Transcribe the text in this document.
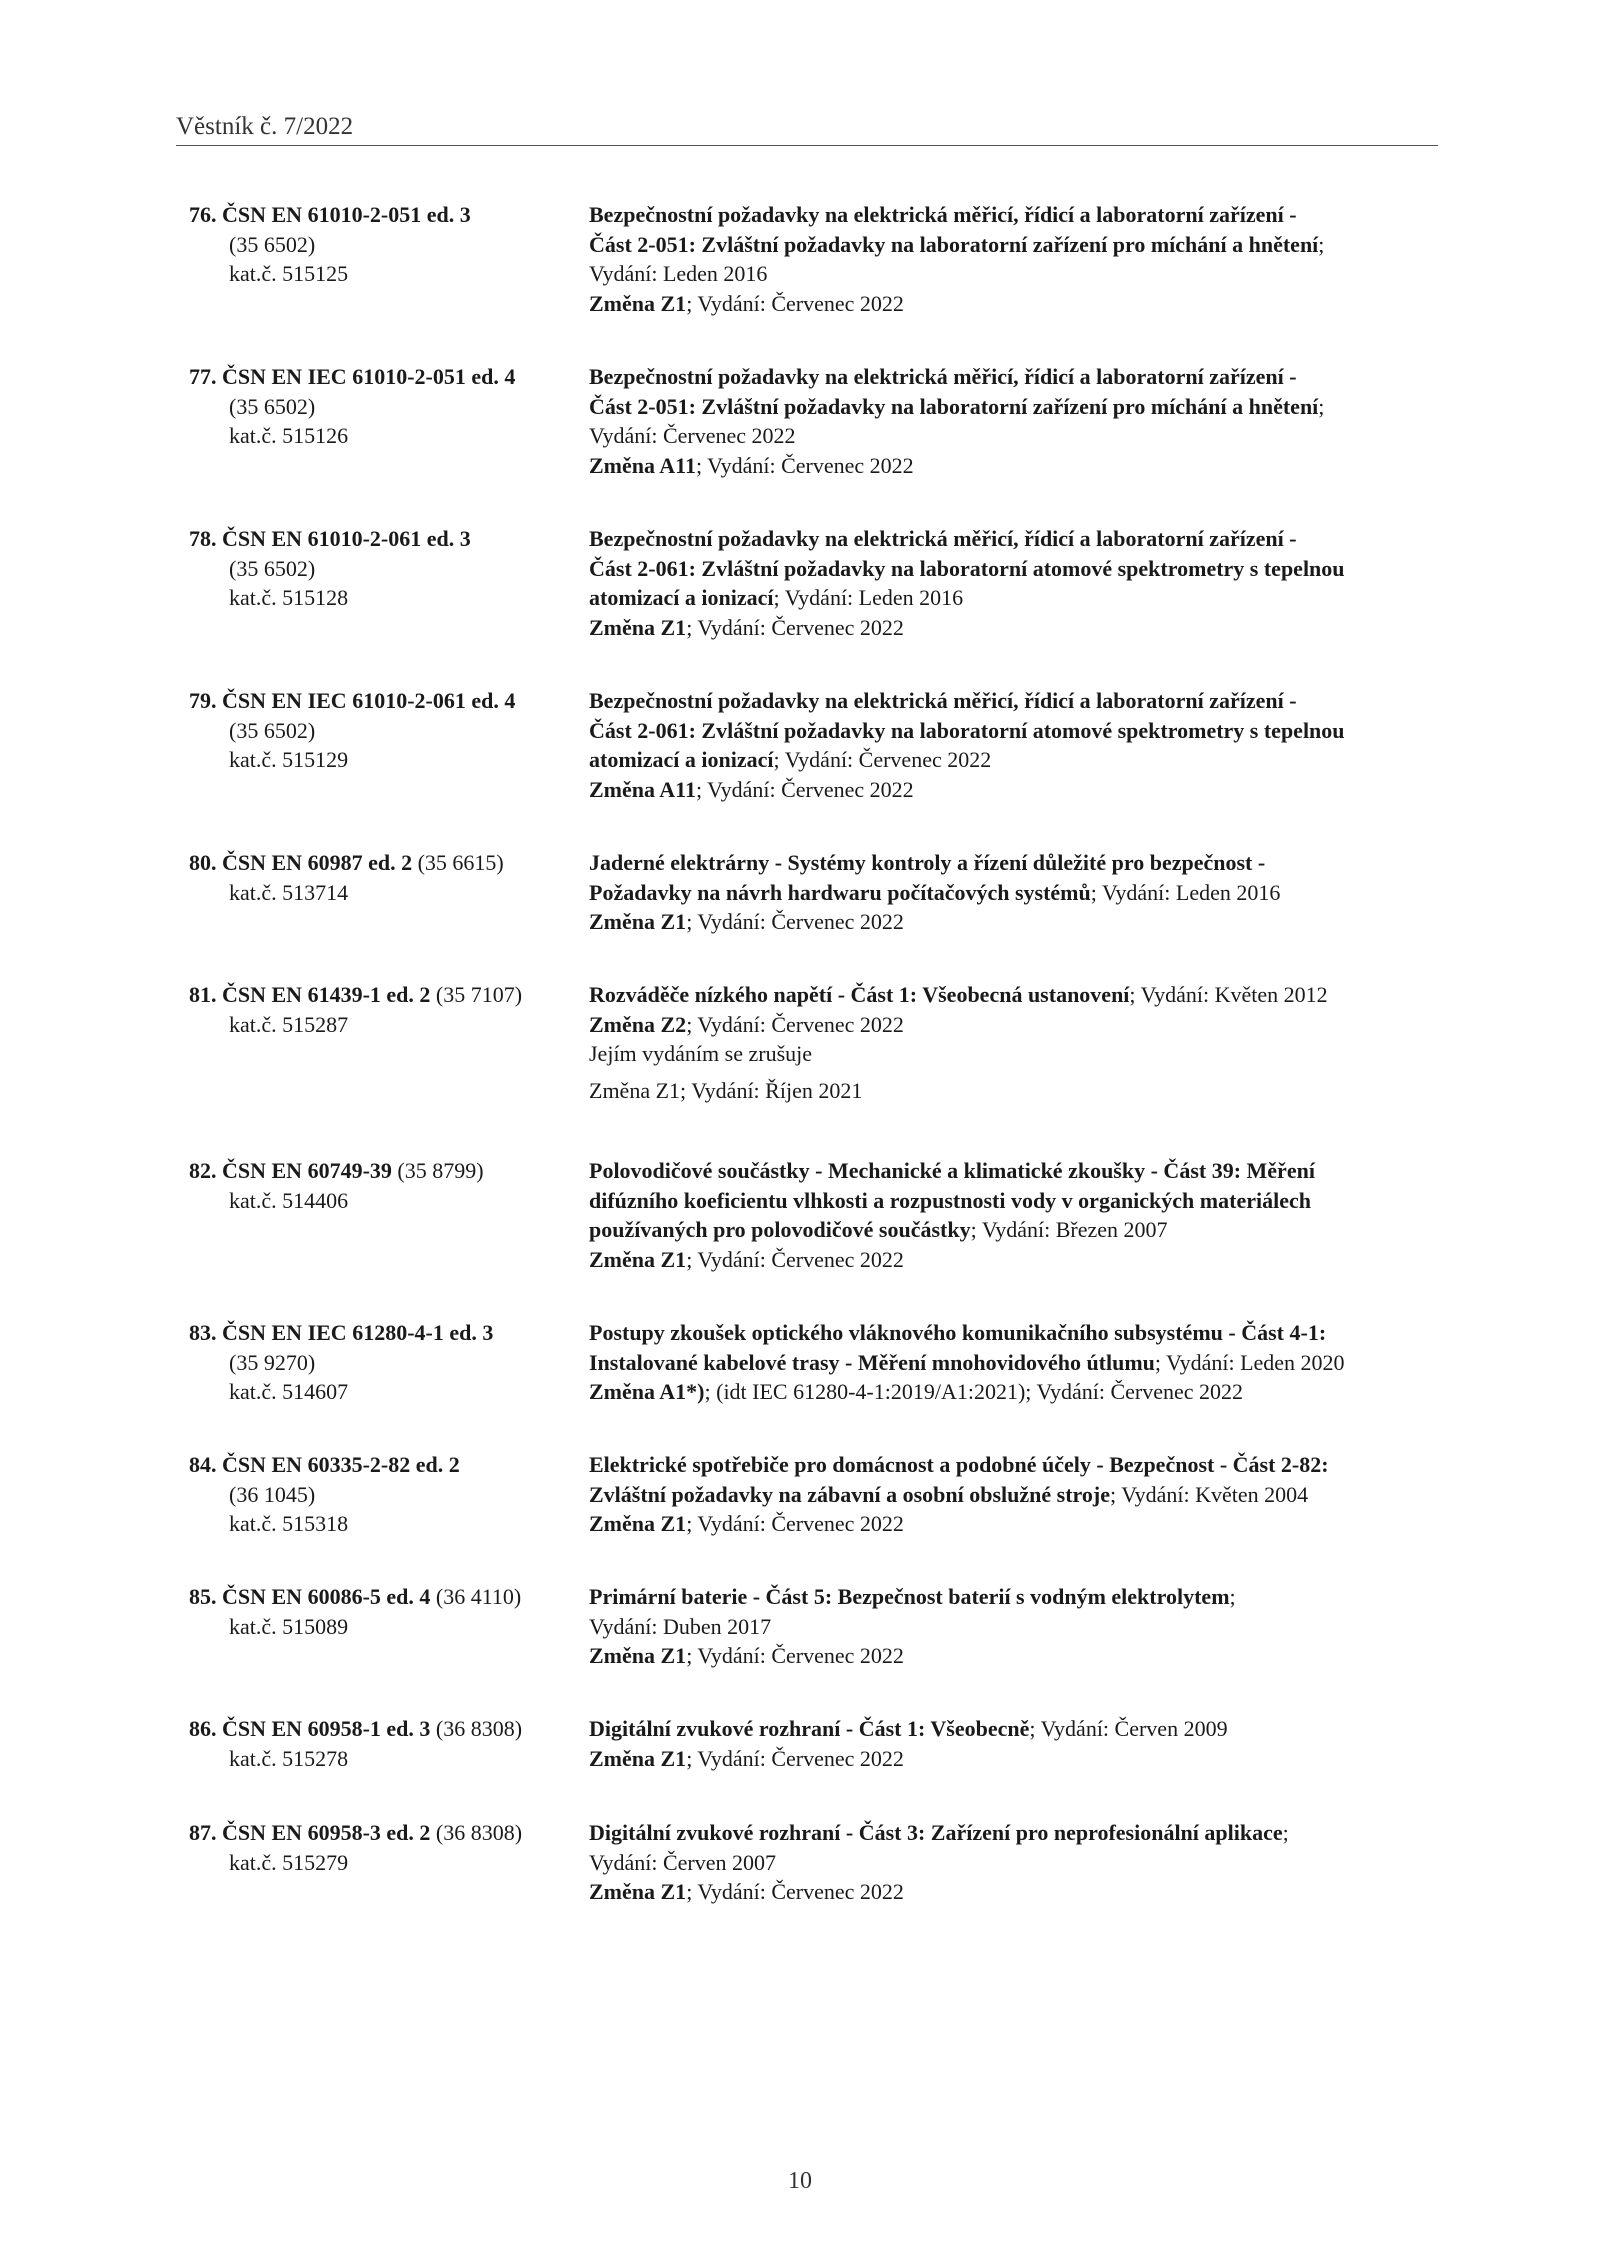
Věstník č. 7/2022
76. ČSN EN 61010-2-051 ed. 3
(35 6502)
kat.č. 515125
Bezpečnostní požadavky na elektrická měřicí, řídicí a laboratorní zařízení -
Část 2-051: Zvláštní požadavky na laboratorní zařízení pro míchání a hnětení;
Vydání: Leden 2016
Změna Z1; Vydání: Červenec 2022
77. ČSN EN IEC 61010-2-051 ed. 4
(35 6502)
kat.č. 515126
Bezpečnostní požadavky na elektrická měřicí, řídicí a laboratorní zařízení -
Část 2-051: Zvláštní požadavky na laboratorní zařízení pro míchání a hnětení;
Vydání: Červenec 2022
Změna A11; Vydání: Červenec 2022
78. ČSN EN 61010-2-061 ed. 3
(35 6502)
kat.č. 515128
Bezpečnostní požadavky na elektrická měřicí, řídicí a laboratorní zařízení -
Část 2-061: Zvláštní požadavky na laboratorní atomové spektrometry s tepelnou
atomizací a ionizací; Vydání: Leden 2016
Změna Z1; Vydání: Červenec 2022
79. ČSN EN IEC 61010-2-061 ed. 4
(35 6502)
kat.č. 515129
Bezpečnostní požadavky na elektrická měřicí, řídicí a laboratorní zařízení -
Část 2-061: Zvláštní požadavky na laboratorní atomové spektrometry s tepelnou
atomizací a ionizací; Vydání: Červenec 2022
Změna A11; Vydání: Červenec 2022
80. ČSN EN 60987 ed. 2 (35 6615)
kat.č. 513714
Jaderné elektrárny - Systémy kontroly a řízení důležité pro bezpečnost -
Požadavky na návrh hardwaru počítačových systémů; Vydání: Leden 2016
Změna Z1; Vydání: Červenec 2022
81. ČSN EN 61439-1 ed. 2 (35 7107)
kat.č. 515287
Rozváděče nízkého napětí - Část 1: Všeobecná ustanovení; Vydání: Květen 2012
Změna Z2; Vydání: Červenec 2022
Jejím vydáním se zrušuje
Změna Z1; Vydání: Říjen 2021
82. ČSN EN 60749-39 (35 8799)
kat.č. 514406
Polovodičové součástky - Mechanické a klimatické zkoušky - Část 39: Měření
difúzního koeficientu vlhkosti a rozpustnosti vody v organických materiálech
používaných pro polovodičové součástky; Vydání: Březen 2007
Změna Z1; Vydání: Červenec 2022
83. ČSN EN IEC 61280-4-1 ed. 3
(35 9270)
kat.č. 514607
Postupy zkoušek optického vláknového komunikačního subsystému - Část 4-1:
Instalované kabelové trasy - Měření mnohovidového útlumu; Vydání: Leden 2020
Změna A1*); (idt IEC 61280-4-1:2019/A1:2021); Vydání: Červenec 2022
84. ČSN EN 60335-2-82 ed. 2
(36 1045)
kat.č. 515318
Elektrické spotřebiče pro domácnost a podobné účely - Bezpečnost - Část 2-82:
Zvláštní požadavky na zábavní a osobní obslužné stroje; Vydání: Květen 2004
Změna Z1; Vydání: Červenec 2022
85. ČSN EN 60086-5 ed. 4 (36 4110)
kat.č. 515089
Primární baterie - Část 5: Bezpečnost baterií s vodným elektrolytem;
Vydání: Duben 2017
Změna Z1; Vydání: Červenec 2022
86. ČSN EN 60958-1 ed. 3 (36 8308)
kat.č. 515278
Digitální zvukové rozhraní - Část 1: Všeobecně; Vydání: Červen 2009
Změna Z1; Vydání: Červenec 2022
87. ČSN EN 60958-3 ed. 2 (36 8308)
kat.č. 515279
Digitální zvukové rozhraní - Část 3: Zařízení pro neprofesionální aplikace;
Vydání: Červen 2007
Změna Z1; Vydání: Červenec 2022
10
